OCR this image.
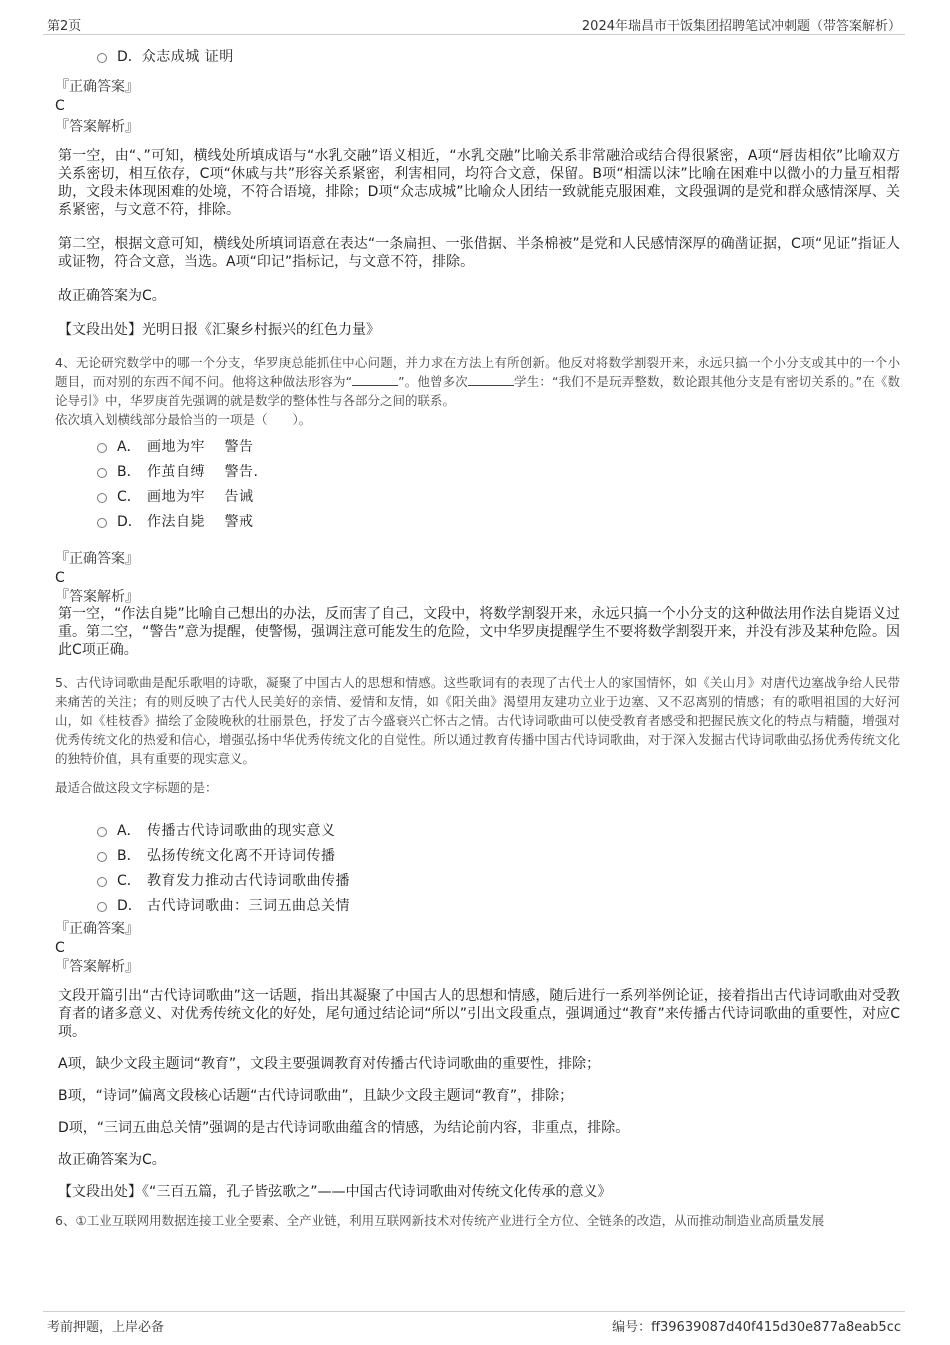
第2页	2024年瑞昌市干饭集团招聘笔试冲刺题（带答案解析）
D． 众志成城 证明
『正确答案』
C
『答案解析』

第一空，由“、”可知，横线处所填成语与“水乳交融”语义相近，“水乳交融”比喻关系非常融洽或结合得很紧密，A项“唇齿相依”比喻双方关系密切，相互依存，C项“休戚与共”形容关系紧密，利害相同，均符合文意，保留。B项“相濡以沫”比喻在困难中以微小的力量互相帮助，文段未体现困难的处境，不符合语境，排除；D项“众志成城”比喻众人团结一致就能克服困难，文段强调的是党和群众感情深厚、关系紧密，与文意不符，排除。

第二空，根据文意可知，横线处所填词语意在表达“一条扁担、一张借据、半条棉被”是党和人民感情深厚的确凿证据，C项“见证”指证人或证物，符合文意，当选。A项“印记”指标记，与文意不符，排除。

故正确答案为C。

【文段出处】光明日报《汇聚乡村振兴的红色力量》

4、无论研究数学中的哪一个分支，华罗庚总能抓住中心问题，并力求在方法上有所创新。他反对将数学割裂开来，永远只搞一个小分支或其中的一个小题目，而对别的东西不闻不问。他将这种做法形容为“	”。他曾多次	学生：“我们不是玩弄整数，数论跟其他分支是有密切关系的。”在《数论导引》中，华罗庚首先强调的就是数学的整体性与各部分之间的联系。

依次填入划横线部分最恰当的一项是（　　）。

A． 画地为牢　 警告
B． 作茧自缚　 警告.
C． 画地为牢　 告诫
D． 作法自毙　 警戒
『正确答案』
C
『答案解析』

第一空，“作法自毙”比喻自己想出的办法，反而害了自己，文段中，将数学割裂开来，永远只搞一个小分支的这种做法用作法自毙语义过重。第二空，“警告”意为提醒，使警惕，强调注意可能发生的危险，文中华罗庚提醒学生不要将数学割裂开来，并没有涉及某种危险。因此C项正确。

5、古代诗词歌曲是配乐歌唱的诗歌，凝聚了中国古人的思想和情感。这些歌词有的表现了古代士人的家国情怀，如《关山月》对唐代边塞战争给人民带来痛苦的关注；有的则反映了古代人民美好的亲情、爱情和友情，如《阳关曲》渴望用友建功立业于边塞、又不忍离别的情感；有的歌唱祖国的大好河山，如《桂枝香》描绘了金陵晚秋的壮丽景色，抒发了古今盛衰兴亡怀古之情。古代诗词歌曲可以使受教育者感受和把握民族文化的特点与精髓，增强对优秀传统文化的热爱和信心，增强弘扬中华优秀传统文化的自觉性。所以通过教育传播中国古代诗词歌曲，对于深入发掘古代诗词歌曲弘扬优秀传统文化的独特价值，具有重要的现实意义。

最适合做这段文字标题的是：

A． 传播古代诗词歌曲的现实意义
B． 弘扬传统文化离不开诗词传播
C． 教育发力推动古代诗词歌曲传播
D． 古代诗词歌曲：三词五曲总关情
『正确答案』
C
『答案解析』

文段开篇引出“古代诗词歌曲”这一话题，指出其凝聚了中国古人的思想和情感，随后进行一系列举例论证，接着指出古代诗词歌曲对受教育者的诸多意义、对优秀传统文化的好处，尾句通过结论词“所以”引出文段重点，强调通过“教育”来传播古代诗词歌曲的重要性，对应C项。

A项，缺少文段主题词“教育”，文段主要强调教育对传播古代诗词歌曲的重要性，排除；

B项，“诗词”偏离文段核心话题“古代诗词歌曲”，且缺少文段主题词“教育”，排除；

D项，“三词五曲总关情”强调的是古代诗词歌曲蕴含的情感，为结论前内容，非重点，排除。

故正确答案为C。

【文段出处】《“三百五篇，孔子皆弦歌之”——中国古代诗词歌曲对传统文化传承的意义》

6、①工业互联网用数据连接工业全要素、全产业链，利用互联网新技术对传统产业进行全方位、全链条的改造，从而推动制造业高质量发展

考前押题，上岸必备	编号：ff39639087d40f415d30e877a8eab5cc
